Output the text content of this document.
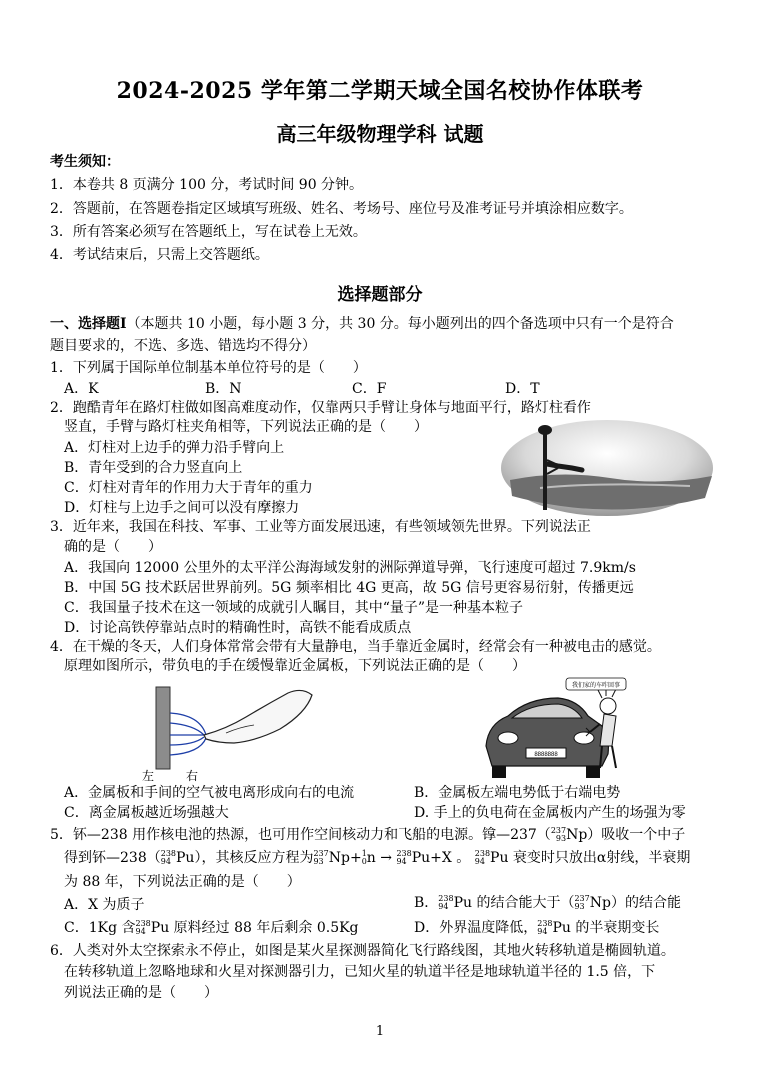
2024-2025 学年第二学期天域全国名校协作体联考
高三年级物理学科 试题
考生须知：
1．本卷共 8 页满分 100 分，考试时间 90 分钟。
2．答题前，在答题卷指定区域填写班级、姓名、考场号、座位号及准考证号并填涂相应数字。
3．所有答案必须写在答题纸上，写在试卷上无效。
4．考试结束后，只需上交答题纸。
选择题部分
一、选择题Ⅰ（本题共 10 小题，每小题 3 分，共 30 分。每小题列出的四个备选项中只有一个是符合
题目要求的，不选、多选、错选均不得分）
1．下列属于国际单位制基本单位符号的是（　　）
A．K	B．N	C．F	D．T
2．跑酷青年在路灯柱做如图高难度动作，仅靠两只手臂让身体与地面平行，路灯柱看作
竖直，手臂与路灯柱夹角相等，下列说法正确的是（　　）
A．灯柱对上边手的弹力沿手臂向上
B．青年受到的合力竖直向上
C．灯柱对青年的作用力大于青年的重力
D．灯柱与上边手之间可以没有摩擦力
3．近年来，我国在科技、军事、工业等方面发展迅速，有些领域领先世界。下列说法正
确的是（　　）
A．我国向 12000 公里外的太平洋公海海域发射的洲际弹道导弹，飞行速度可超过 7.9km/s
B．中国 5G 技术跃居世界前列。5G 频率相比 4G 更高，故 5G 信号更容易衍射，传播更远
C．我国量子技术在这一领域的成就引人瞩目，其中“量子”是一种基本粒子
D．讨论高铁停靠站点时的精确性时，高铁不能看成质点
4．在干燥的冬天，人们身体常常会带有大量静电，当手靠近金属时，经常会有一种被电击的感觉。
原理如图所示，带负电的手在缓慢靠近金属板，下列说法正确的是（　　）
左	右
8888888
我们家的车咋回事
A．金属板和手间的空气被电离形成向右的电流	B．金属板左端电势低于右端电势
C．离金属板越近场强越大	D. 手上的负电荷在金属板内产生的场强为零
5．钚—238 用作核电池的热源，也可用作空间核动力和飞船的电源。镎—237（ 237
93 Np）吸收一个中子
得到钚—238（ 238
94 Pu），其核反应方程为 237
93 Np+ 1
0 n → 238
94 Pu+X 。 238
94 Pu 衰变时只放出α射线，半衰期
为 88 年，下列说法正确的是（　　）
A．X 为质子	B． 238
94 Pu 的结合能大于（ 237
93 Np）的结合能
C．1Kg 含 238
94 Pu 原料经过 88 年后剩余 0.5Kg	D．外界温度降低， 238
94 Pu 的半衰期变长
6．人类对外太空探索永不停止，如图是某火星探测器简化飞行路线图，其地火转移轨道是椭圆轨道。
在转移轨道上忽略地球和火星对探测器引力，已知火星的轨道半径是地球轨道半径的 1.5 倍，下
列说法正确的是（　　）
1
